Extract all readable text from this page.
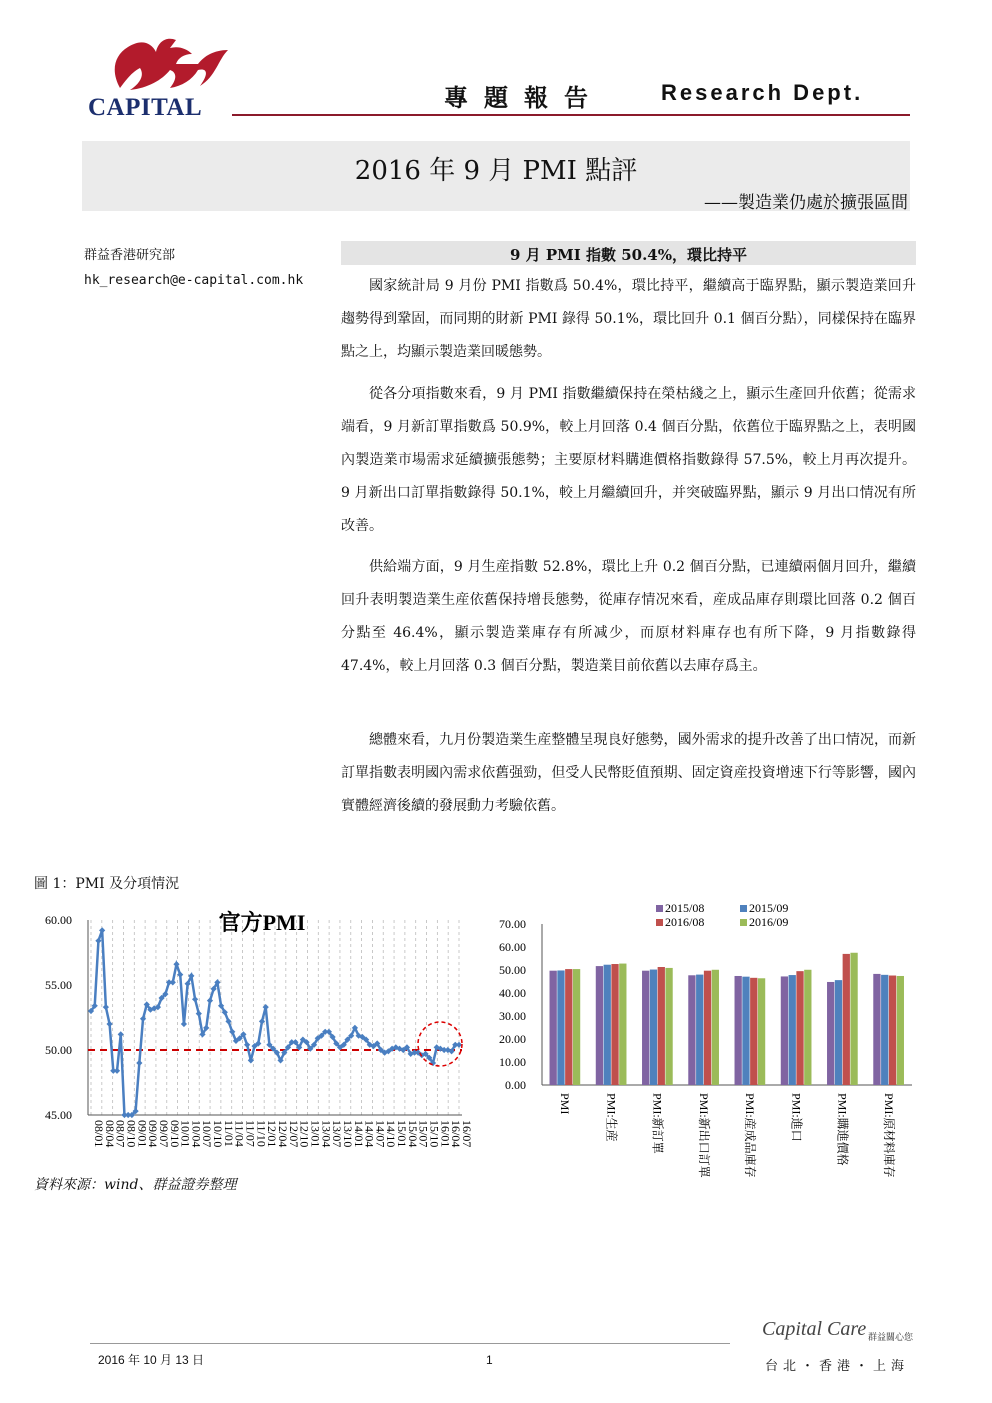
CAPITAL	專題報告	Research Dept.
2016 年 9 月 PMI 點評
——製造業仍處於擴張區間
群益香港研究部
hk_research@e-capital.com.hk
9 月 PMI 指數 50.4%，環比持平

國家統計局 9 月份 PMI 指數爲 50.4%，環比持平，繼續高于臨界點，顯示製造業回升趨勢得到鞏固，而同期的財新 PMI 錄得 50.1%，環比回升 0.1 個百分點），同樣保持在臨界點之上，均顯示製造業回暖態勢。

從各分項指數來看，9 月 PMI 指數繼續保持在榮枯綫之上，顯示生產回升依舊；從需求端看，9 月新訂單指數爲 50.9%，較上月回落 0.4 個百分點，依舊位于臨界點之上，表明國內製造業市場需求延續擴張態勢；主要原材料購進價格指數錄得 57.5%，較上月再次提升。9 月新出口訂單指數錄得 50.1%，較上月繼續回升，并突破臨界點，顯示 9 月出口情况有所改善。

供給端方面，9 月生産指數 52.8%，環比上升 0.2 個百分點，已連續兩個月回升，繼續回升表明製造業生産依舊保持增長態勢，從庫存情况來看，産成品庫存則環比回落 0.2 個百分點至 46.4%，顯示製造業庫存有所减少，而原材料庫存也有所下降，9 月指數錄得 47.4%，較上月回落 0.3 個百分點，製造業目前依舊以去庫存爲主。

總體來看，九月份製造業生産整體呈現良好態勢，國外需求的提升改善了出口情况，而新訂單指數表明國內需求依舊强勁，但受人民幣貶值預期、固定資産投資增速下行等影響，國內實體經濟後續的發展動力考驗依舊。

圖 1：PMI 及分項情況
08/01
08/04
08/07
08/10
09/01
09/04
09/07
09/10
10/01
10/04
10/07
10/10
11/01
11/04
11/07
11/10
12/01
12/04
12/07
12/10
13/01
13/04
13/07
13/10
14/01
14/04
14/07
14/10
15/01
15/04
15/07
15/10
16/01
16/04
16/07
45.00
50.00
55.00
60.00	官方PMI
0.00
10.00
20.00
30.00
40.00
50.00
60.00
70.00
PMI	PMI:生産	PMI:新訂單	PMI:新出口訂單	PMI:産成品庫存	PMI:進口	PMI:購進價格	PMI:原材料庫存
2015/08	2015/09
2016/08	2016/09
資料來源：wind、群益證券整理
2016 年 10 月 13 日	1
Capital Care 群益關心您
台北・香港・上海
